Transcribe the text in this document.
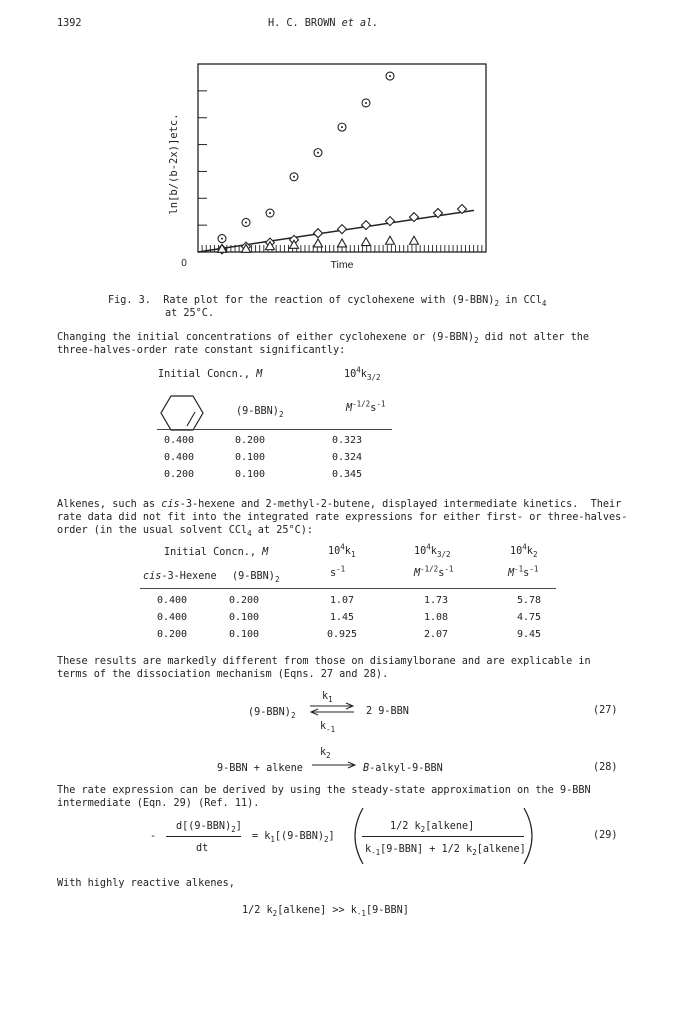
1392	H. C. BROWN et al.
ln[b/(b-2x)]etc.
Time
0
Fig. 3. Rate plot for the reaction of cyclohexene with $(9-BBN)_2$ in CCl$_4$
at 25°C.
Changing the initial concentrations of either cyclohexene or $(9-BBN)_2$ did not alter the
three-halves-order rate constant significantly:
Initial Concn., M	$10^4k_{3/2}$
$(9-BBN)_2$
$M^{-1/2}s^{-1}$
0.400	0.200	0.323
0.400	0.100	0.324
0.200	0.100	0.345
Alkenes, such as cis-3-hexene and 2-methyl-2-butene, displayed intermediate kinetics.  Their
rate data did not fit into the integrated rate expressions for either first- or three-halves-
order (in the usual solvent CCl$_4$ at 25°C):
Initial Concn., M	$10^4k_1$	$10^4k_{3/2}$	$10^4k_2$
cis-3-Hexene $(9-BBN)_2$
$s^{-1}$	$M^{-1/2}s^{-1}$	$M^{-1}s^{-1}$
0.400	0.200	1.07	1.73	5.78
0.400	0.100	1.45	1.08	4.75
0.200	0.100	0.925	2.07	9.45
These results are markedly different from those on disiamylborane and are explicable in
terms of the dissociation mechanism (Eqns. 27 and 28).
$(9-BBN)_2$
$k_1$
$k_{-1}$
2 9-BBN	(27)
9-BBN + alkene
$k_2$
→ B-alkyl-9-BBN	(28)
The rate expression can be derived by using the steady-state approximation on the 9-BBN
intermediate (Eqn. 29) (Ref. 11).
-
$d[(9-BBN)_2]$
dt
= $k_1[(9-BBN)_2]$
1/2 $k_2[alkene]$
$k_{-1}[9-BBN] + 1/2$ $k_2[alkene]$
(29)
With highly reactive alkenes,
1/2 $k_2[alkene] >> k_{-1}[9-BBN]$
